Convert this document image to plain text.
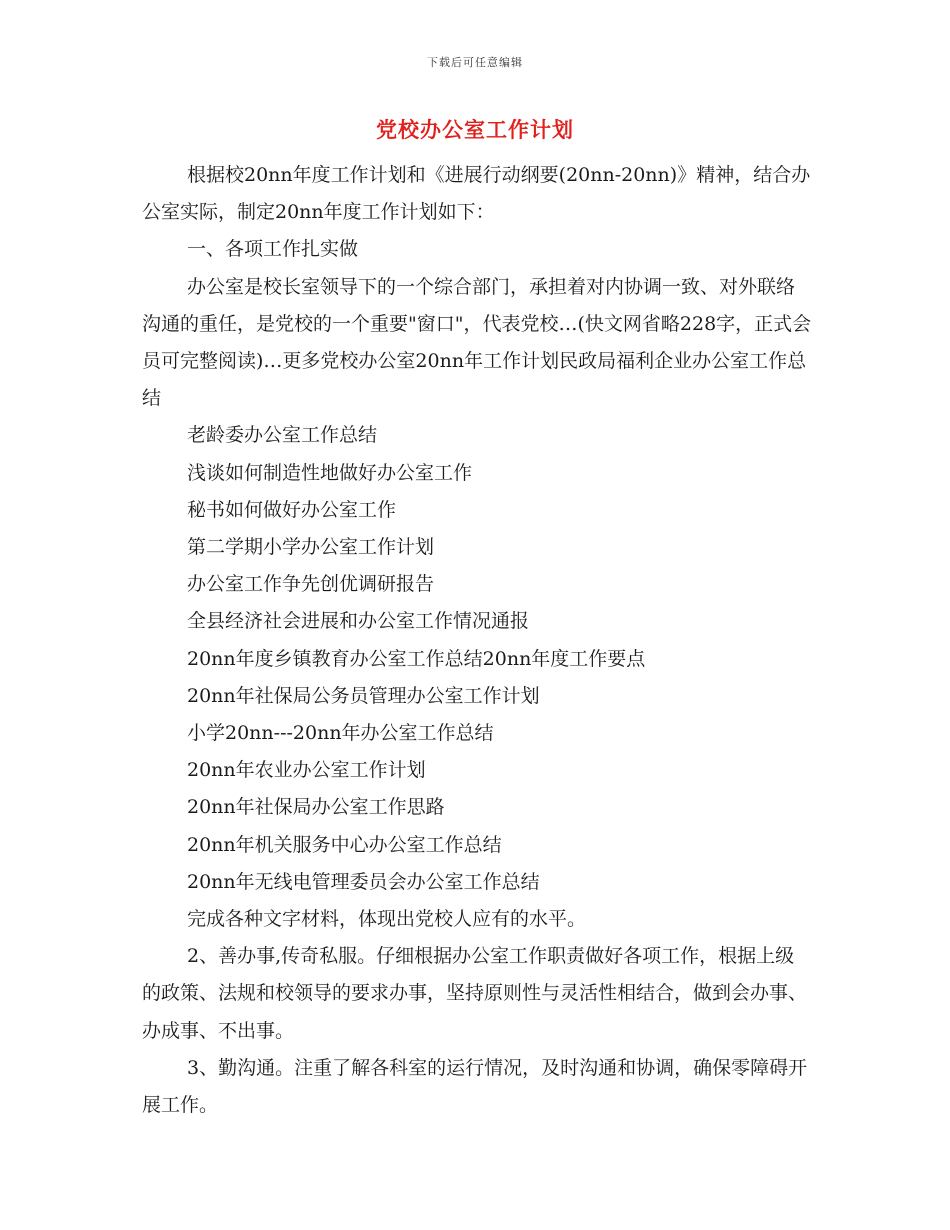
下载后可任意编辑
党校办公室工作计划

根据校20nn年度工作计划和《进展行动纲要(20nn-20nn)》精神，结合办公室实际，制定20nn年度工作计划如下：

一、各项工作扎实做

办公室是校长室领导下的一个综合部门，承担着对内协调一致、对外联络沟通的重任，是党校的一个重要"窗口"，代表党校…(快文网省略228字，正式会员可完整阅读)…更多党校办公室20nn年工作计划民政局福利企业办公室工作总结

老龄委办公室工作总结

浅谈如何制造性地做好办公室工作

秘书如何做好办公室工作

第二学期小学办公室工作计划

办公室工作争先创优调研报告

全县经济社会进展和办公室工作情况通报

20nn年度乡镇教育办公室工作总结20nn年度工作要点

20nn年社保局公务员管理办公室工作计划

小学20nn---20nn年办公室工作总结

20nn年农业办公室工作计划

20nn年社保局办公室工作思路

20nn年机关服务中心办公室工作总结

20nn年无线电管理委员会办公室工作总结

完成各种文字材料，体现出党校人应有的水平。

2、善办事,传奇私服。仔细根据办公室工作职责做好各项工作，根据上级的政策、法规和校领导的要求办事，坚持原则性与灵活性相结合，做到会办事、办成事、不出事。

3、勤沟通。注重了解各科室的运行情况，及时沟通和协调，确保零障碍开展工作。
